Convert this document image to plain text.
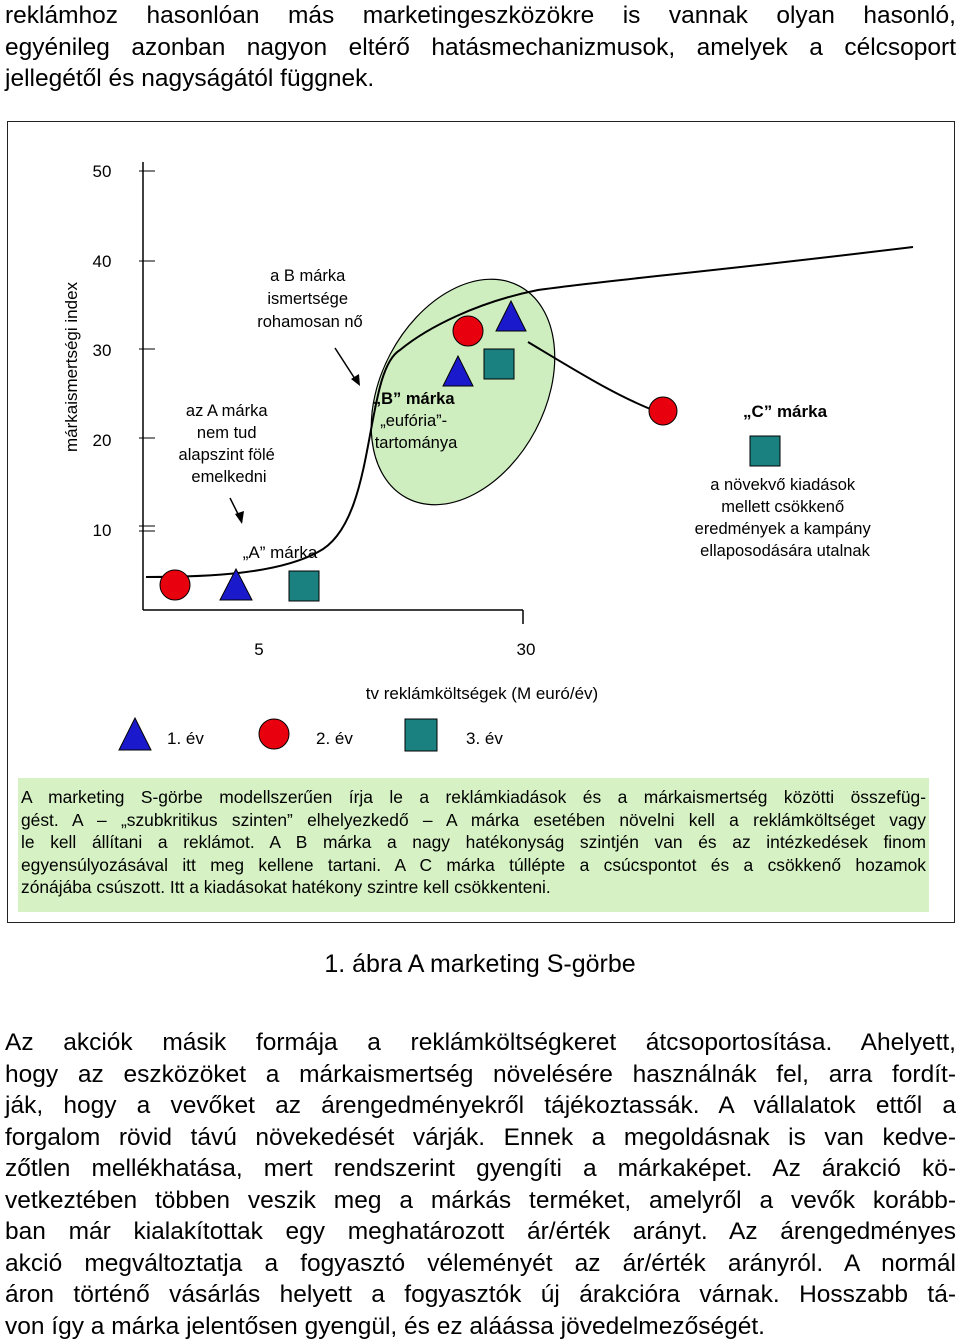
reklámhoz hasonlóan más marketingeszközökre is vannak olyan hasonló,
egyénileg azonban nagyon eltérő hatásmechanizmusok, amelyek a célcsoport
jellegétől és nagyságától függnek.
50
40
30
20
10
márkaismertségi index
5	30
tv reklámköltségek (M euró/év)
az A márka nem tud alapszint fölé emelkedni
„A” márka
a B márka ismertsége rohamosan nő
„B” márka „eufória”- tartománya
„C” márka
a növekvő kiadások mellett csökkenő eredmények a kampány ellaposodására utalnak
1. év	2. év	3. év
A marketing S-görbe modellszerűen írja le a reklámkiadások és a márkaismertség közötti összefüg-
gést. A – „szubkritikus szinten” elhelyezkedő – A márka esetében növelni kell a reklámköltséget vagy
le kell állítani a reklámot. A B márka a nagy hatékonyság szintjén van és az intézkedések finom
egyensúlyozásával itt meg kellene tartani. A C márka túllépte a csúcspontot és a csökkenő hozamok
zónájába csúszott. Itt a kiadásokat hatékony szintre kell csökkenteni.
1. ábra A marketing S-görbe
Az akciók másik formája a reklámköltségkeret átcsoportosítása. Ahelyett,
hogy az eszközöket a márkaismertség növelésére használnák fel, arra fordít-
ják, hogy a vevőket az árengedményekről tájékoztassák. A vállalatok ettől a
forgalom rövid távú növekedését várják. Ennek a megoldásnak is van kedve-
zőtlen mellékhatása, mert rendszerint gyengíti a márkaképet. Az árakció kö-
vetkeztében többen veszik meg a márkás terméket, amelyről a vevők korább-
ban már kialakítottak egy meghatározott ár/érték arányt. Az árengedményes
akció megváltoztatja a fogyasztó véleményét az ár/érték arányról. A normál
áron történő vásárlás helyett a fogyasztók új árakcióra várnak. Hosszabb tá-
von így a márka jelentősen gyengül, és ez aláássa jövedelmezőségét.
